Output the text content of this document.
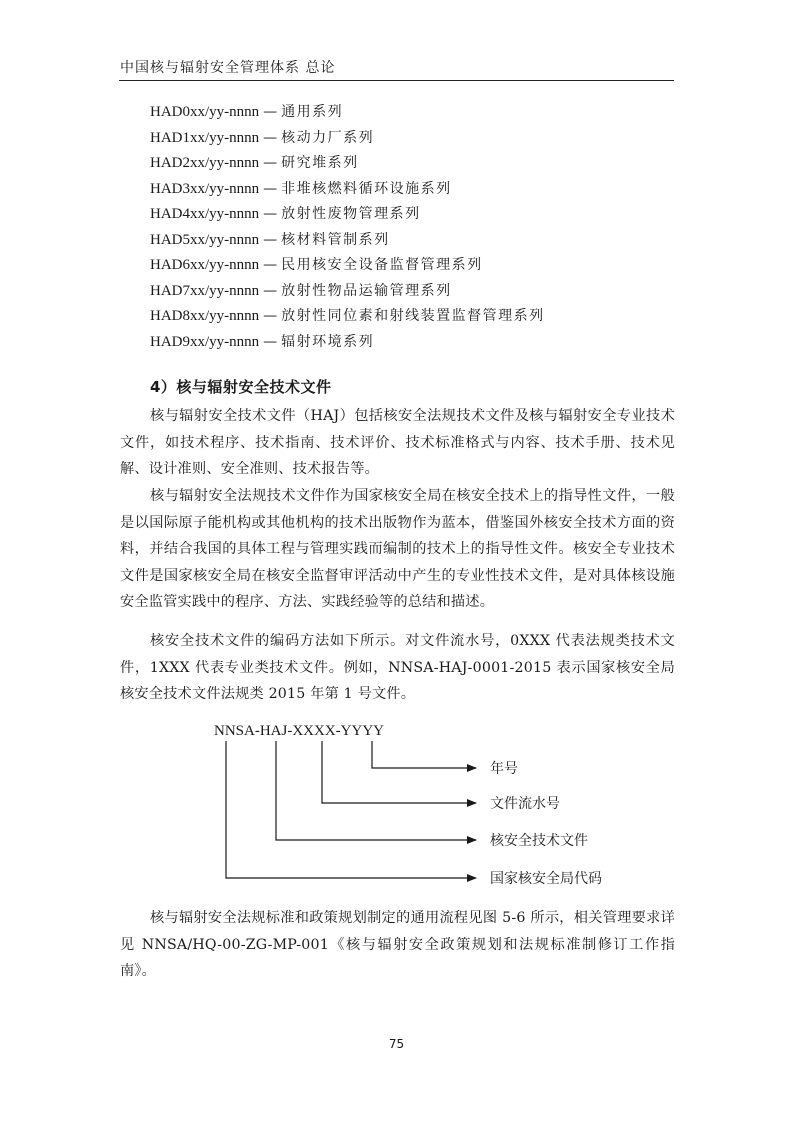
中国核与辐射安全管理体系 总论
HAD0xx/yy-nnnn — 通用系列
HAD1xx/yy-nnnn — 核动力厂系列
HAD2xx/yy-nnnn — 研究堆系列
HAD3xx/yy-nnnn — 非堆核燃料循环设施系列
HAD4xx/yy-nnnn — 放射性废物管理系列
HAD5xx/yy-nnnn — 核材料管制系列
HAD6xx/yy-nnnn — 民用核安全设备监督管理系列
HAD7xx/yy-nnnn — 放射性物品运输管理系列
HAD8xx/yy-nnnn — 放射性同位素和射线装置监督管理系列
HAD9xx/yy-nnnn — 辐射环境系列
4）核与辐射安全技术文件

核与辐射安全技术文件（HAJ）包括核安全法规技术文件及核与辐射安全专业技术文件，如技术程序、技术指南、技术评价、技术标准格式与内容、技术手册、技术见解、设计准则、安全准则、技术报告等。

核与辐射安全法规技术文件作为国家核安全局在核安全技术上的指导性文件，一般是以国际原子能机构或其他机构的技术出版物作为蓝本，借鉴国外核安全技术方面的资料，并结合我国的具体工程与管理实践而编制的技术上的指导性文件。核安全专业技术文件是国家核安全局在核安全监督审评活动中产生的专业性技术文件，是对具体核设施安全监管实践中的程序、方法、实践经验等的总结和描述。

核安全技术文件的编码方法如下所示。对文件流水号，0XXX 代表法规类技术文件，1XXX 代表专业类技术文件。例如，NNSA-HAJ-0001-2015 表示国家核安全局核安全技术文件法规类 2015 年第 1 号文件。

NNSA-HAJ-XXXX-YYYY
年号
文件流水号
核安全技术文件
国家核安全局代码

核与辐射安全法规标准和政策规划制定的通用流程见图 5-6 所示，相关管理要求详见 NNSA/HQ-00-ZG-MP-001《核与辐射安全政策规划和法规标准制修订工作指南》。

75
